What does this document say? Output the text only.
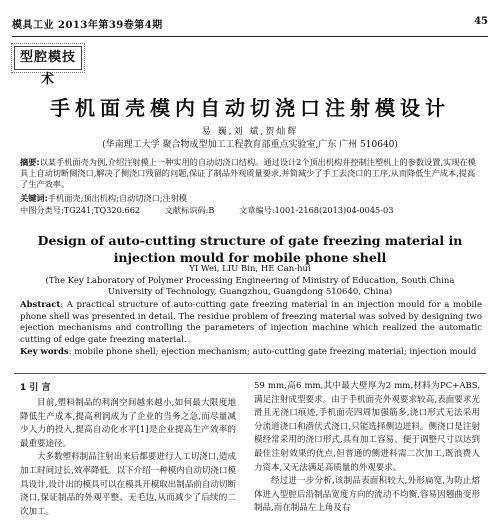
模具工业 2013年第39卷第4期	45
型腔模技术
手机面壳模内自动切浇口注射模设计
易 巍,刘 斌,贺灿辉
(华南理工大学 聚合物成型加工工程教育部重点实验室,广东 广州 510640)
摘要:以某手机面壳为例,介绍注射模上一种实用的自动切浇口结构。通过设计2个顶出机构并控制注塑机上的参数设置,实现在模具上自动切断侧浇口,解决了侧浇口残留的问题,保证了制品外观质量要求,并简减少了手工去浇口的工序,从而降低生产成本,提高了生产效率。
关键词:手机面壳;顶出机构;自动切浇口;注射模
中图分类号:TG241;TQ320.662	文献标识码:B	文章编号:1001-2168(2013)04-0045-03
Design of auto-cutting structure of gate freezing material in injection mould for mobile phone shell
YI Wei, LIU Bin, HE Can-hui
(The Key Laboratory of Polymer Processing Engineering of Ministry of Education, South China University of Technology, Guangzhou, Guangdong 510640, China)
Abstract: A practical structure of auto-cutting gate freezing material in an injection mould for a mobile phone shell was presented in detail. The residue problem of freezing material was solved by designing two ejection mechanisms and controlling the parameters of injection machine which realized the automatic cutting of edge gate freezing material.
Key words: mobile phone shell; ejection mechanism; auto-cutting gate freezing material; injection mould
1 引 言

目前,塑料制品的利润空间越来越小,如何最大限度地降低生产成本,提高利润成为了企业的当务之急,而尽量减少人力的投入,提高自动化水平[1]是企业提高生产效率的最重要途径。

大多数塑料制品注射出来后都要进行人工切浇口,造成加工时间过长,效率降低。以下介绍一种模内自动切浇口模具设计,设计出的模具可以在模具开模取出制品前自动切断浇口,保证制品的外观平整、无毛边,从而减少了后续的二次加工。

59 mm,高6 mm,其中最大壁厚为2 mm,材料为PC+ABS,满足注射成型要求。由于手机面壳外观要求较高,表面要求光滑且无浇口痕迹,手机面壳四周加强筋多,浇口形式无法采用分流道浇口和潜伏式浇口,只能选择侧边进料。侧浇口是注射模经常采用的浇口形式,具有加工容易、便于调整尺寸以达到最佳注射效果的优点,但普通的侧进料需二次加工,既浪费人力资本,又无法满足高质量的外观要求。

经过进一步分析,该制品表面积较大,外形扁宽,为防止熔体进入型腔后沿制品宽度方向的流动不均衡,容易因翘曲变形制品,而在制品左上角及右
